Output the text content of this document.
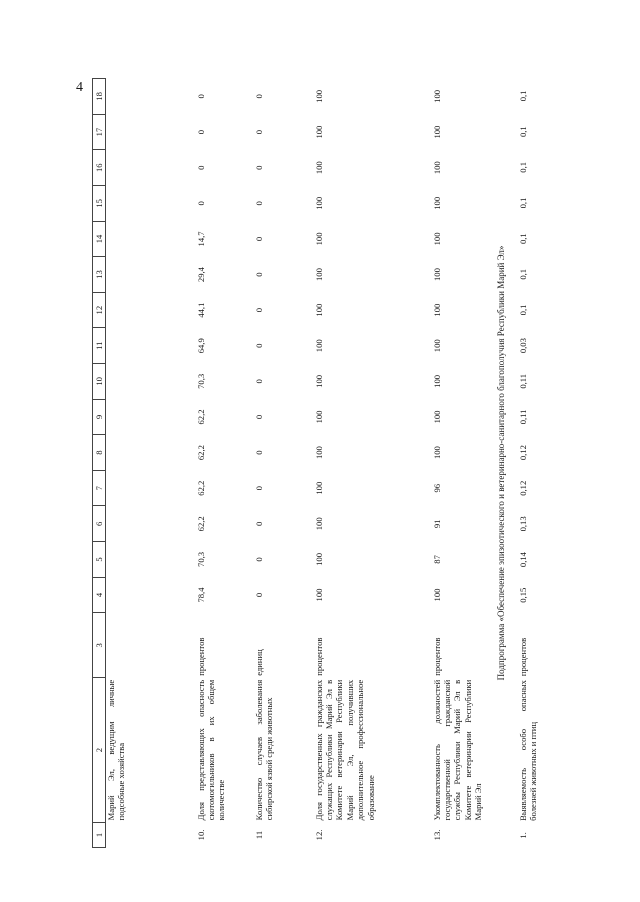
4
1	2	3	4	5	6	7	8	9	10	11	12	13	14	15	16	17	18
	Марий Эл, ведущим личные подсобные хозяйства																
10.	Доля представляющих опасность скотомогильников в их общем количестве	процентов	78,4	70,3	62,2	62,2	62,2	62,2	70,3	64,9	44,1	29,4	14,7	0	0	0	0
11	Количество случаев заболевания сибирской язвой среди животных	единиц	0	0	0	0	0	0	0	0	0	0	0	0	0	0	0
12.	Доля государственных гражданских служащих Республики Марий Эл в Комитете ветеринарии Республики Марий Эл, получивших дополнительное профессиональное образование	процентов	100	100	100	100	100	100	100	100	100	100	100	100	100	100	100
13.	Укомплектованность должностей государственной гражданской службы Республики Марий Эл в Комитете ветеринарии Республики Марий Эл	процентов	100	87	91	96	100	100	100	100	100	100	100	100	100	100	100
Подпрограмма «Обеспечение эпизоотического и ветеринарно-санитарного благополучия Республики Марий Эл»
1.	Выявляемость особо опасных болезней животных и птиц	процентов	0,15	0,14	0,13	0,12	0,12	0,11	0,11	0,03	0,1	0,1	0,1	0,1	0,1	0,1	0,1
